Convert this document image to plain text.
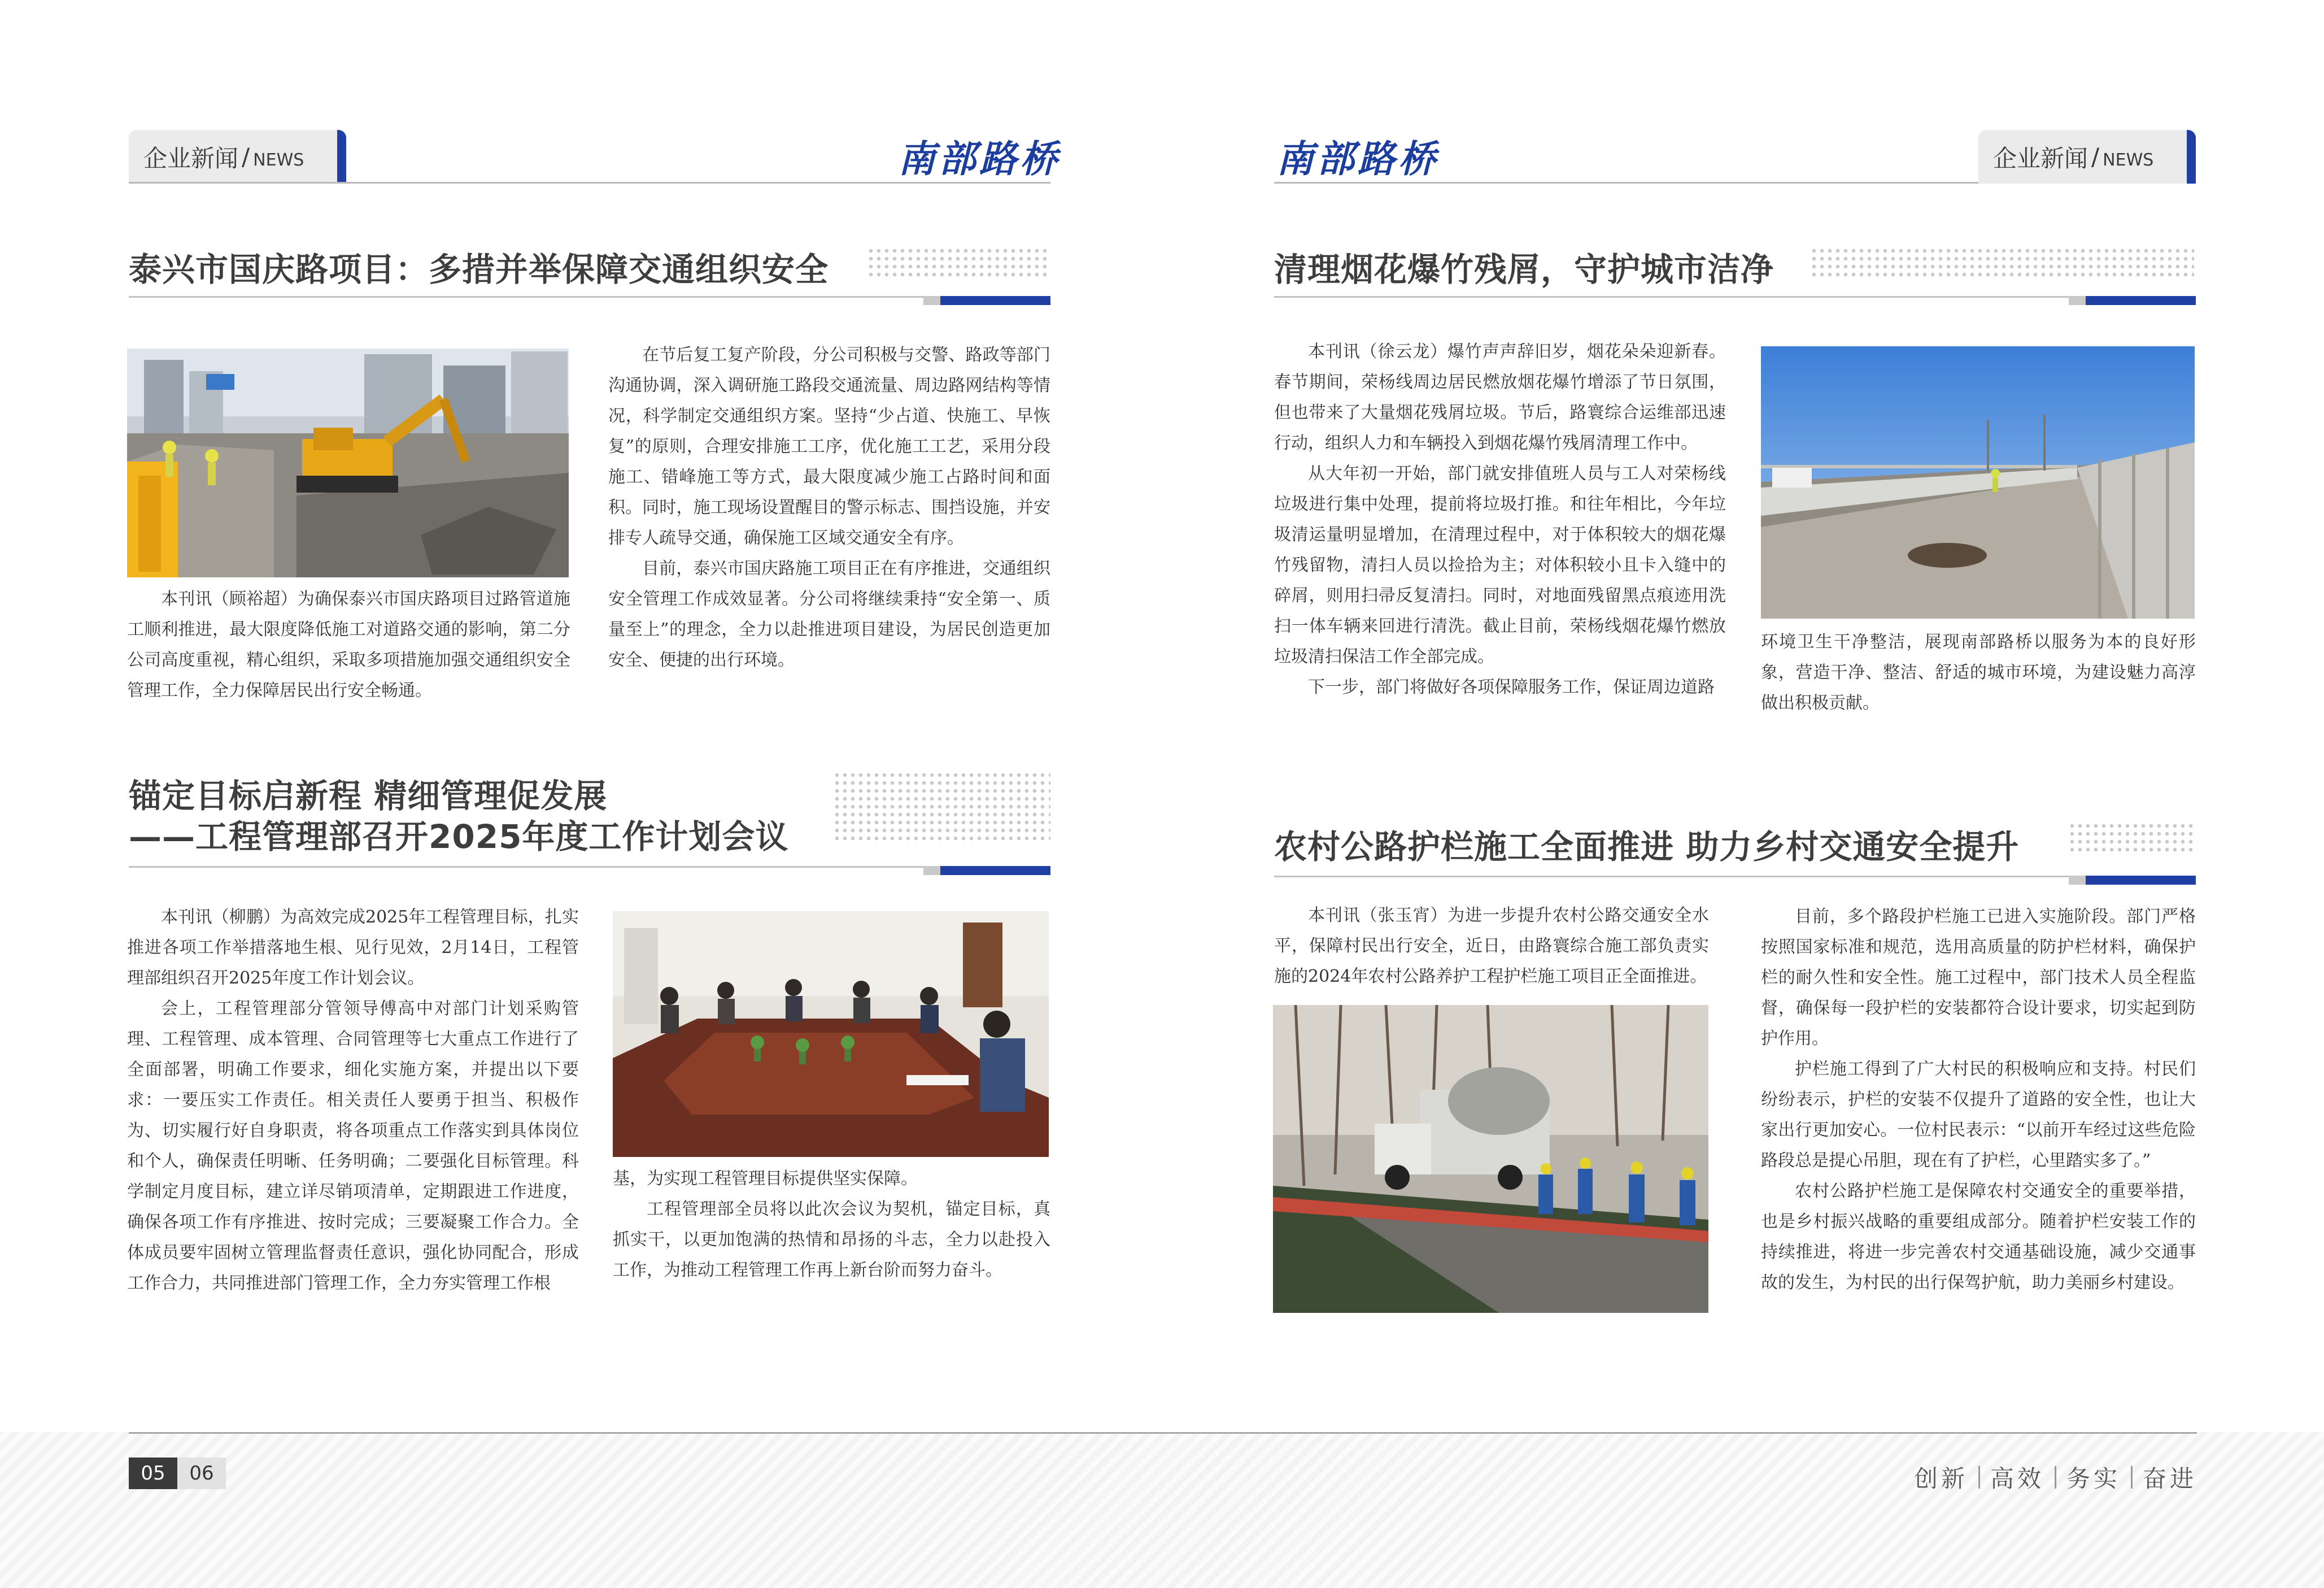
企业新闻 / NEWS	南部路桥	南部路桥	企业新闻 / NEWS
泰兴市国庆路项目：多措并举保障交通组织安全

本刊讯（顾裕超）为确保泰兴市国庆路项目过路管道施工顺利推进，最大限度降低施工对道路交通的影响，第二分公司高度重视，精心组织，采取多项措施加强交通组织安全管理工作，全力保障居民出行安全畅通。

在节后复工复产阶段，分公司积极与交警、路政等部门沟通协调，深入调研施工路段交通流量、周边路网结构等情况，科学制定交通组织方案。坚持“少占道、快施工、早恢复”的原则，合理安排施工工序，优化施工工艺，采用分段施工、错峰施工等方式，最大限度减少施工占路时间和面积。同时，施工现场设置醒目的警示标志、围挡设施，并安排专人疏导交通，确保施工区域交通安全有序。

目前，泰兴市国庆路施工项目正在有序推进，交通组织安全管理工作成效显著。分公司将继续秉持“安全第一、质量至上”的理念，全力以赴推进项目建设，为居民创造更加安全、便捷的出行环境。

锚定目标启新程 精细管理促发展
——工程管理部召开2025年度工作计划会议

本刊讯（柳鹏）为高效完成2025年工程管理目标，扎实推进各项工作举措落地生根、见行见效，2月14日，工程管理部组织召开2025年度工作计划会议。

会上，工程管理部分管领导傅高中对部门计划采购管理、工程管理、成本管理、合同管理等七大重点工作进行了全面部署，明确工作要求，细化实施方案，并提出以下要求：一要压实工作责任。相关责任人要勇于担当、积极作为、切实履行好自身职责，将各项重点工作落实到具体岗位和个人，确保责任明晰、任务明确；二要强化目标管理。科学制定月度目标，建立详尽销项清单，定期跟进工作进度，确保各项工作有序推进、按时完成；三要凝聚工作合力。全体成员要牢固树立管理监督责任意识，强化协同配合，形成工作合力，共同推进部门管理工作，全力夯实管理工作根

基，为实现工程管理目标提供坚实保障。

工程管理部全员将以此次会议为契机，锚定目标，真抓实干，以更加饱满的热情和昂扬的斗志，全力以赴投入工作，为推动工程管理工作再上新台阶而努力奋斗。

清理烟花爆竹残屑，守护城市洁净

本刊讯（徐云龙）爆竹声声辞旧岁，烟花朵朵迎新春。春节期间，荣杨线周边居民燃放烟花爆竹增添了节日氛围，但也带来了大量烟花残屑垃圾。节后，路寰综合运维部迅速行动，组织人力和车辆投入到烟花爆竹残屑清理工作中。

从大年初一开始，部门就安排值班人员与工人对荣杨线垃圾进行集中处理，提前将垃圾打推。和往年相比，今年垃圾清运量明显增加，在清理过程中，对于体积较大的烟花爆竹残留物，清扫人员以捡拾为主；对体积较小且卡入缝中的碎屑，则用扫帚反复清扫。同时，对地面残留黑点痕迹用洗扫一体车辆来回进行清洗。截止目前，荣杨线烟花爆竹燃放垃圾清扫保洁工作全部完成。

下一步，部门将做好各项保障服务工作，保证周边道路

环境卫生干净整洁，展现南部路桥以服务为本的良好形象，营造干净、整洁、舒适的城市环境，为建设魅力高淳做出积极贡献。

农村公路护栏施工全面推进 助力乡村交通安全提升

本刊讯（张玉宵）为进一步提升农村公路交通安全水平，保障村民出行安全，近日，由路寰综合施工部负责实施的2024年农村公路养护工程护栏施工项目正全面推进。

目前，多个路段护栏施工已进入实施阶段。部门严格按照国家标准和规范，选用高质量的防护栏材料，确保护栏的耐久性和安全性。施工过程中，部门技术人员全程监督，确保每一段护栏的安装都符合设计要求，切实起到防护作用。

护栏施工得到了广大村民的积极响应和支持。村民们纷纷表示，护栏的安装不仅提升了道路的安全性，也让大家出行更加安心。一位村民表示：“以前开车经过这些危险路段总是提心吊胆，现在有了护栏，心里踏实多了。”

农村公路护栏施工是保障农村交通安全的重要举措，也是乡村振兴战略的重要组成部分。随着护栏安装工作的持续推进，将进一步完善农村交通基础设施，减少交通事故的发生，为村民的出行保驾护航，助力美丽乡村建设。

05	06	创新 高效 务实 奋进
